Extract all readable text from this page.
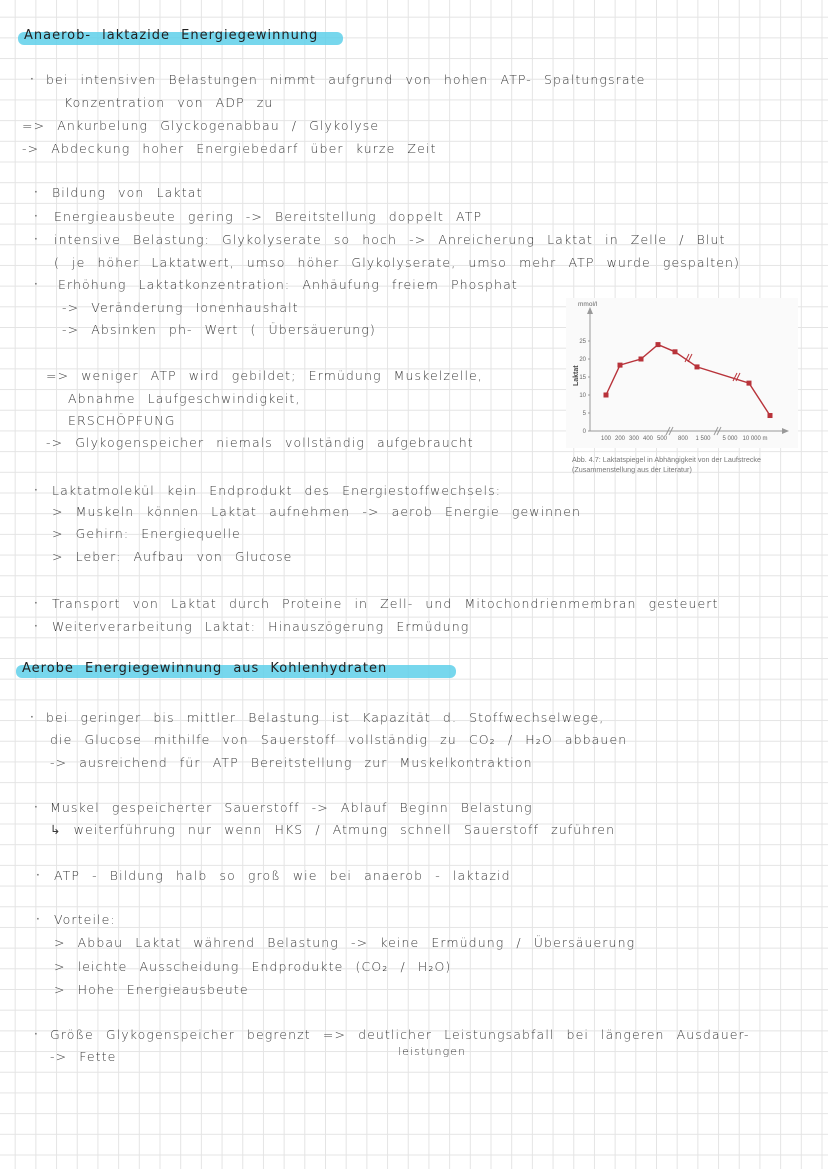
Anaerob- laktazide Energiegewinnung
· bei intensiven Belastungen nimmt aufgrund von hohen ATP- Spaltungsrate
Konzentration von ADP zu
=> Ankurbelung Glyckogenabbau / Glykolyse
-> Abdeckung hoher Energiebedarf über kurze Zeit
· Bildung von Laktat
· Energieausbeute gering -> Bereitstellung doppelt ATP
· intensive Belastung: Glykolyserate so hoch -> Anreicherung Laktat in Zelle / Blut
( je höher Laktatwert, umso höher Glykolyserate, umso mehr ATP wurde gespalten)
· Erhöhung Laktatkonzentration: Anhäufung freiem Phosphat
-> Veränderung Ionenhaushalt
-> Absinken ph- Wert ( Übersäuerung)
=> weniger ATP wird gebildet; Ermüdung Muskelzelle,
Abnahme Laufgeschwindigkeit,
ERSCHÖPFUNG
-> Glykogenspeicher niemals vollständig aufgebraucht
mmol/l
Laktat
0
5
10
15
20
25
100 200 300 400 500 800 1 500 5 000 10 000 m
Abb. 4.7: Laktatspiegel in Abhängigkeit von der Laufstrecke
(Zusammenstellung aus der Literatur)
· Laktatmolekül kein Endprodukt des Energiestoffwechsels:
> Muskeln können Laktat aufnehmen -> aerob Energie gewinnen
> Gehirn: Energiequelle
> Leber: Aufbau von Glucose
· Transport von Laktat durch Proteine in Zell- und Mitochondrienmembran gesteuert
· Weiterverarbeitung Laktat: Hinauszögerung Ermüdung
Aerobe Energiegewinnung aus Kohlenhydraten
· bei geringer bis mittler Belastung ist Kapazität d. Stoffwechselwege,
die Glucose mithilfe von Sauerstoff vollständig zu CO₂ / H₂O abbauen
-> ausreichend für ATP Bereitstellung zur Muskelkontraktion
· Muskel gespeicherter Sauerstoff -> Ablauf Beginn Belastung
↳ weiterführung nur wenn HKS / Atmung schnell Sauerstoff zuführen
· ATP - Bildung halb so groß wie bei anaerob - laktazid
· Vorteile:
> Abbau Laktat während Belastung -> keine Ermüdung / Übersäuerung
> leichte Ausscheidung Endprodukte (CO₂ / H₂O)
> Hohe Energieausbeute
· Größe Glykogenspeicher begrenzt => deutlicher Leistungsabfall bei längeren Ausdauer-
leistungen
-> Fette
